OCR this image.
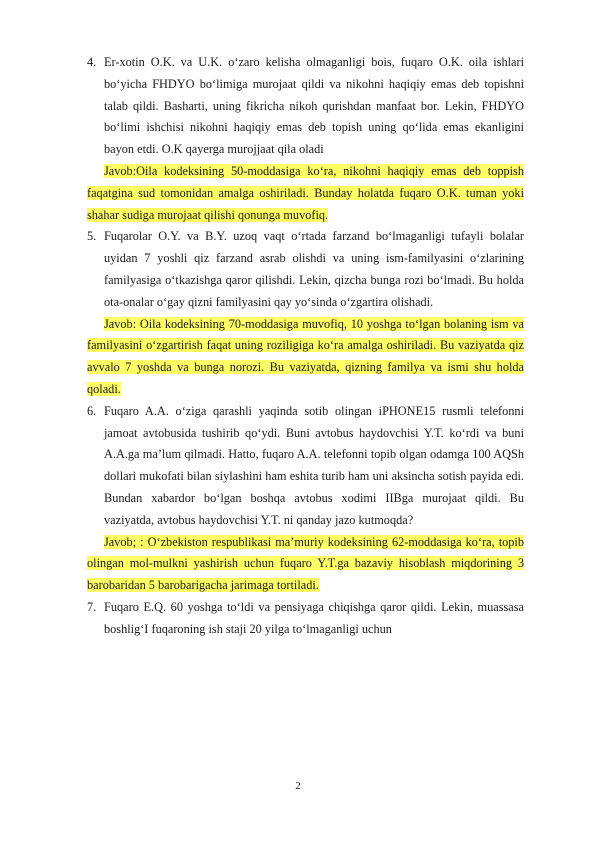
4. Er-xotin O.K. va U.K. o‘zaro kelisha olmaganligi bois, fuqaro O.K. oila ishlari bo‘yicha FHDYO bo‘limiga murojaat qildi va nikohni haqiqiy emas deb topishni talab qildi. Basharti, uning fikricha nikoh qurishdan manfaat bor. Lekin, FHDYO bo‘limi ishchisi nikohni haqiqiy emas deb topish uning qo‘lida emas ekanligini bayon etdi. O.K qayerga murojjaat qila oladi

Javob:Oila kodeksining 50-moddasiga ko‘ra, nikohni haqiqiy emas deb toppish faqatgina sud tomonidan amalga oshiriladi. Bunday holatda fuqaro O.K. tuman yoki shahar sudiga murojaat qilishi qonunga muvofiq.

5. Fuqarolar O.Y. va B.Y. uzoq vaqt o‘rtada farzand bo‘lmaganligi tufayli bolalar uyidan 7 yoshli qiz farzand asrab olishdi va uning ism-familyasini o‘zlarining familyasiga o‘tkazishga qaror qilishdi. Lekin, qizcha bunga rozi bo‘lmadi. Bu holda ota-onalar o‘gay qizni familyasini qay yo‘sinda o‘zgartira olishadi.

Javob: Oila kodeksining 70-moddasiga muvofiq, 10 yoshga to‘lgan bolaning ism va familyasini o‘zgartirish faqat uning roziligiga ko‘ra amalga oshiriladi. Bu vaziyatda qiz avvalo 7 yoshda va bunga norozi. Bu vaziyatda, qizning familya va ismi shu holda qoladi.

6. Fuqaro A.A. o‘ziga qarashli yaqinda sotib olingan iPHONE15 rusmli telefonni jamoat avtobusida tushirib qo‘ydi. Buni avtobus haydovchisi Y.T. ko‘rdi va buni A.A.ga ma’lum qilmadi. Hatto, fuqaro A.A. telefonni topib olgan odamga 100 AQSh dollari mukofati bilan siylashini ham eshita turib ham uni aksincha sotish payida edi. Bundan xabardor bo‘lgan boshqa avtobus xodimi IIBga murojaat qildi. Bu vaziyatda, avtobus haydovchisi Y.T. ni qanday jazo kutmoqda?

Javob; : O‘zbekiston respublikasi ma’muriy kodeksining 62-moddasiga ko‘ra, topib olingan mol-mulkni yashirish uchun fuqaro Y.T.ga bazaviy hisoblash miqdorining 3 barobaridan 5 barobarigacha jarimaga tortiladi.

7. Fuqaro E.Q. 60 yoshga to‘ldi va pensiyaga chiqishga qaror qildi. Lekin, muassasa boshlig‘I fuqaroning ish staji 20 yilga to‘lmaganligi uchun

2
